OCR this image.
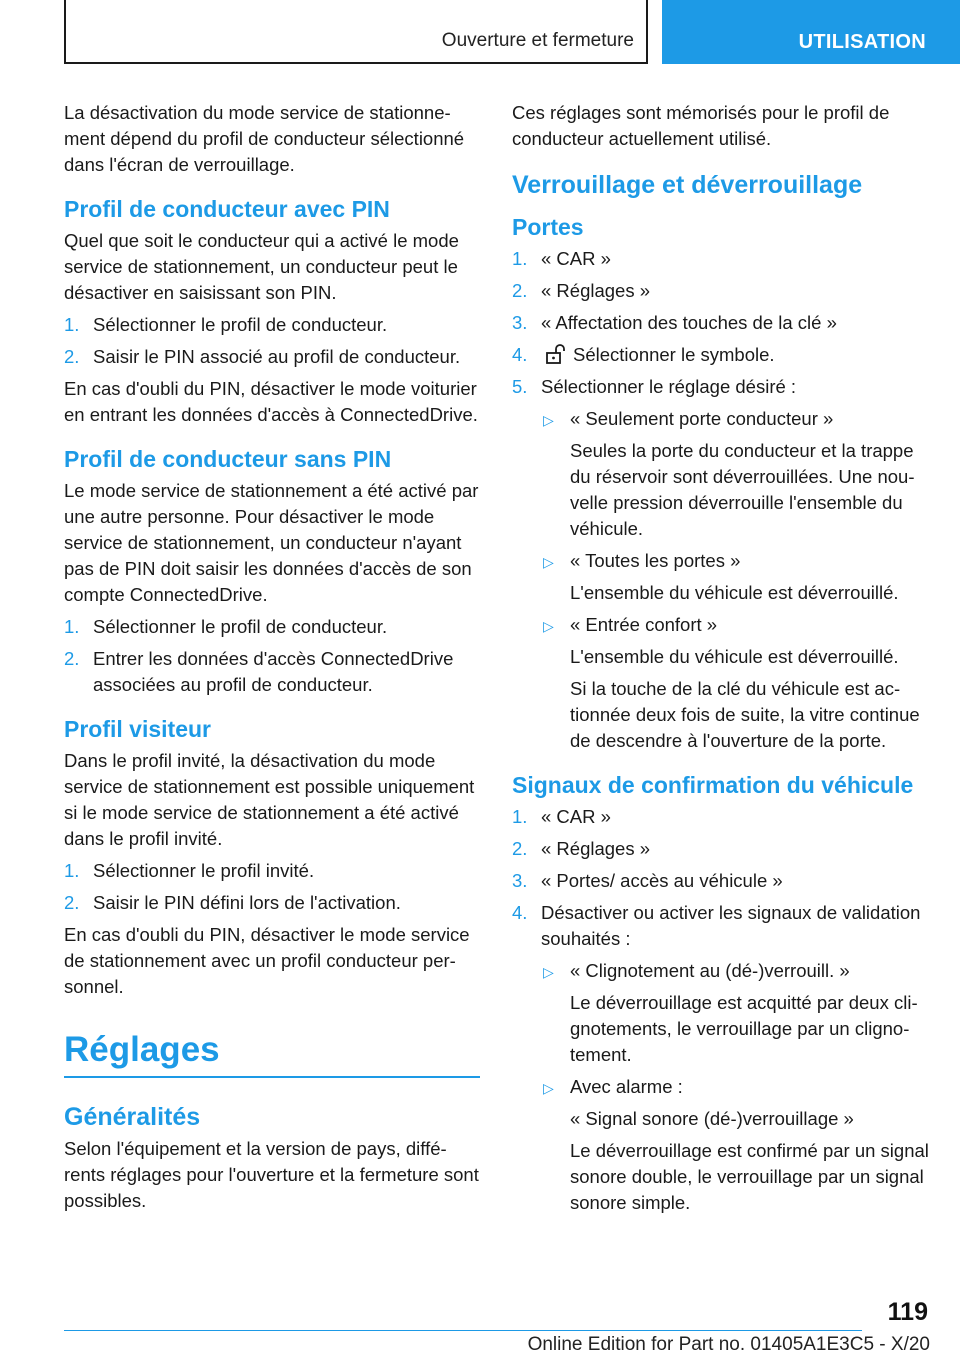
Ouverture et fermeture	UTILISATION

La désactivation du mode service de stationnement dépend du profil de conducteur sélectionné dans l'écran de verrouillage.

Profil de conducteur avec PIN

Quel que soit le conducteur qui a activé le mode service de stationnement, un conducteur peut le désactiver en saisissant son PIN.

1. Sélectionner le profil de conducteur.
2. Saisir le PIN associé au profil de conducteur.

En cas d'oubli du PIN, désactiver le mode voiturier en entrant les données d'accès à ConnectedDrive.

Profil de conducteur sans PIN

Le mode service de stationnement a été activé par une autre personne. Pour désactiver le mode service de stationnement, un conducteur n'ayant pas de PIN doit saisir les données d'accès de son compte ConnectedDrive.

1. Sélectionner le profil de conducteur.
2. Entrer les données d'accès ConnectedDrive associées au profil de conducteur.
Profil visiteur

Dans le profil invité, la désactivation du mode service de stationnement est possible uniquement si le mode service de stationnement a été activé dans le profil invité.

1. Sélectionner le profil invité.
2. Saisir le PIN défini lors de l'activation.

En cas d'oubli du PIN, désactiver le mode service de stationnement avec un profil conducteur personnel.

Réglages
Généralités

Selon l'équipement et la version de pays, différents réglages pour l'ouverture et la fermeture sont possibles.

Ces réglages sont mémorisés pour le profil de conducteur actuellement utilisé.

Verrouillage et déverrouillage
Portes
1. « CAR »
2. « Réglages »
3. « Affectation des touches de la clé »
4. Sélectionner le symbole.
5. Sélectionner le réglage désiré :
▷ « Seulement porte conducteur »
Seules la porte du conducteur et la trappe du réservoir sont déverrouillées. Une nouvelle pression déverrouille l'ensemble du véhicule.
▷ « Toutes les portes »
L'ensemble du véhicule est déverrouillé.
▷ « Entrée confort »
L'ensemble du véhicule est déverrouillé.
Si la touche de la clé du véhicule est actionnée deux fois de suite, la vitre continue de descendre à l'ouverture de la porte.
Signaux de confirmation du véhicule
1. « CAR »
2. « Réglages »
3. « Portes/ accès au véhicule »
4. Désactiver ou activer les signaux de validation souhaités :
▷ « Clignotement au (dé-)verrouill. »
Le déverrouillage est acquitté par deux clignotements, le verrouillage par un clignotement.
▷ Avec alarme :
« Signal sonore (dé-)verrouillage »
Le déverrouillage est confirmé par un signal sonore double, le verrouillage par un signal sonore simple.
119
Online Edition for Part no. 01405A1E3C5 - X/20
